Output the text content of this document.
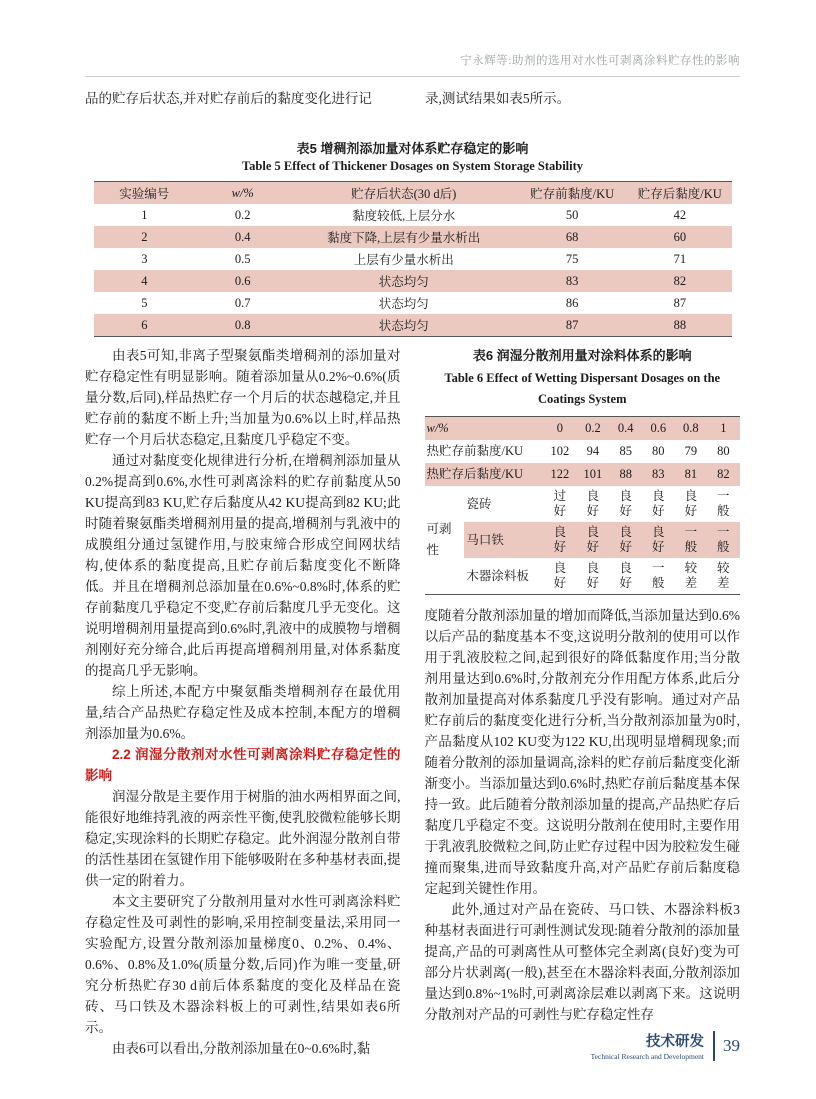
宁永辉等:助剂的选用对水性可剥离涂料贮存性的影响
品的贮存后状态,并对贮存前后的黏度变化进行记	录,测试结果如表5所示。
表5 增稠剂添加量对体系贮存稳定的影响
Table 5 Effect of Thickener Dosages on System Storage Stability
实验编号	w/%	贮存后状态(30 d后)	贮存前黏度/KU	贮存后黏度/KU
1	0.2	黏度较低,上层分水	50	42
2	0.4	黏度下降,上层有少量水析出	68	60
3	0.5	上层有少量水析出	75	71
4	0.6	状态均匀	83	82
5	0.7	状态均匀	86	87
6	0.8	状态均匀	87	88

由表5可知,非离子型聚氨酯类增稠剂的添加量对贮存稳定性有明显影响。随着添加量从0.2%~0.6%(质量分数,后同),样品热贮存一个月后的状态越稳定,并且贮存前的黏度不断上升;当加量为0.6%以上时,样品热贮存一个月后状态稳定,且黏度几乎稳定不变。

通过对黏度变化规律进行分析,在增稠剂添加量从0.2%提高到0.6%,水性可剥离涂料的贮存前黏度从50 KU提高到83 KU,贮存后黏度从42 KU提高到82 KU;此时随着聚氨酯类增稠剂用量的提高,增稠剂与乳液中的成膜组分通过氢键作用,与胶束缔合形成空间网状结构,使体系的黏度提高,且贮存前后黏度变化不断降低。并且在增稠剂总添加量在0.6%~0.8%时,体系的贮存前黏度几乎稳定不变,贮存前后黏度几乎无变化。这说明增稠剂用量提高到0.6%时,乳液中的成膜物与增稠剂刚好充分缔合,此后再提高增稠剂用量,对体系黏度的提高几乎无影响。

综上所述,本配方中聚氨酯类增稠剂存在最优用量,结合产品热贮存稳定性及成本控制,本配方的增稠剂添加量为0.6%。

2.2 润湿分散剂对水性可剥离涂料贮存稳定性的影响

润湿分散是主要作用于树脂的油水两相界面之间,能很好地维持乳液的两亲性平衡,使乳胶微粒能够长期稳定,实现涂料的长期贮存稳定。此外润湿分散剂自带的活性基团在氢键作用下能够吸附在多种基材表面,提供一定的附着力。

本文主要研究了分散剂用量对水性可剥离涂料贮存稳定性及可剥性的影响,采用控制变量法,采用同一实验配方,设置分散剂添加量梯度0、0.2%、0.4%、0.6%、0.8%及1.0%(质量分数,后同)作为唯一变量,研究分析热贮存30 d前后体系黏度的变化及样品在瓷砖、马口铁及木器涂料板上的可剥性,结果如表6所示。

由表6可以看出,分散剂添加量在0~0.6%时,黏

表6 润湿分散剂用量对涂料体系的影响
Table 6 Effect of Wetting Dispersant Dosages on the
Coatings System
w/%		0	0.2	0.4	0.6	0.8	1
热贮存前黏度/KU		102	94	85	80	79	80
热贮存后黏度/KU		122	101	88	83	81	82
可剥性	瓷砖	过好	良好	良好	良好	良好	一般
	马口铁	良好	良好	良好	良好	一般	一般
	木器涂料板	良好	良好	良好	一般	较差	较差

度随着分散剂添加量的增加而降低,当添加量达到0.6%以后产品的黏度基本不变,这说明分散剂的使用可以作用于乳液胶粒之间,起到很好的降低黏度作用;当分散剂用量达到0.6%时,分散剂充分作用配方体系,此后分散剂加量提高对体系黏度几乎没有影响。通过对产品贮存前后的黏度变化进行分析,当分散剂添加量为0时,产品黏度从102 KU变为122 KU,出现明显增稠现象;而随着分散剂的添加量调高,涂料的贮存前后黏度变化渐渐变小。当添加量达到0.6%时,热贮存前后黏度基本保持一致。此后随着分散剂添加量的提高,产品热贮存后黏度几乎稳定不变。这说明分散剂在使用时,主要作用于乳液乳胶微粒之间,防止贮存过程中因为胶粒发生碰撞而聚集,进而导致黏度升高,对产品贮存前后黏度稳定起到关键性作用。

此外,通过对产品在瓷砖、马口铁、木器涂料板3种基材表面进行可剥性测试发现:随着分散剂的添加量提高,产品的可剥离性从可整体完全剥离(良好)变为可部分片状剥离(一般),甚至在木器涂料表面,分散剂添加量达到0.8%~1%时,可剥离涂层难以剥离下来。这说明分散剂对产品的可剥性与贮存稳定性存

技术研发
Technical Research and Development
39
